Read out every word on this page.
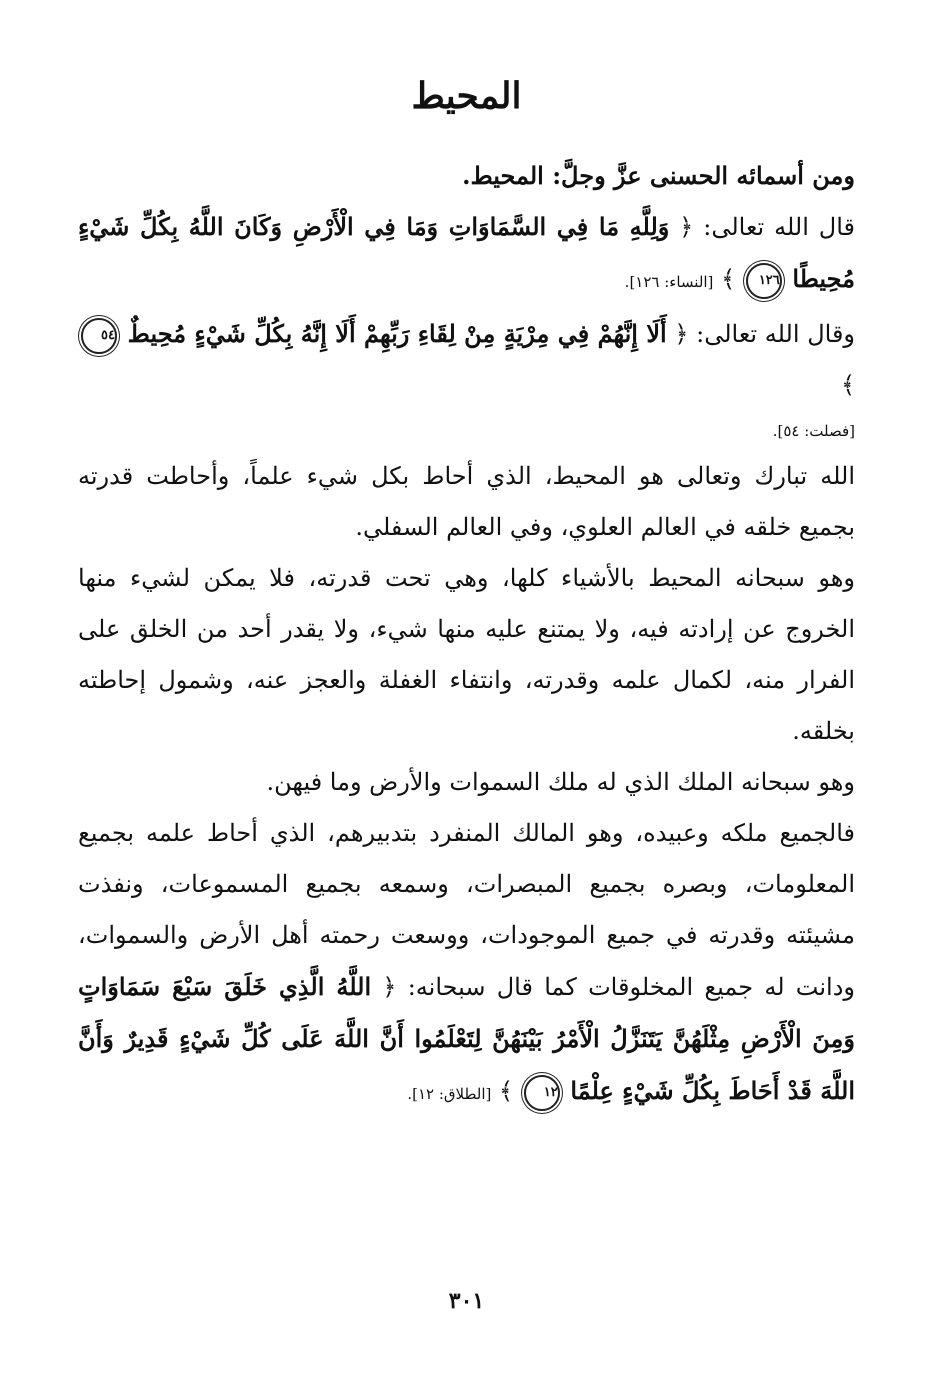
المحيط

ومن أسمائه الحسنى عزَّ وجلَّ: المحيط.

قال الله تعالى: ﴿ وَلِلَّهِ مَا فِي السَّمَاوَاتِ وَمَا فِي الْأَرْضِ وَكَانَ اللَّهُ بِكُلِّ شَيْءٍ مُحِيطًا ١٢٦ ﴾ [النساء: ١٢٦].

وقال الله تعالى: ﴿ أَلَا إِنَّهُمْ فِي مِرْيَةٍ مِنْ لِقَاءِ رَبِّهِمْ أَلَا إِنَّهُ بِكُلِّ شَيْءٍ مُحِيطٌ ٥٤ ﴾

[فصلت: ٥٤].

الله تبارك وتعالى هو المحيط، الذي أحاط بكل شيء علماً، وأحاطت قدرته بجميع خلقه في العالم العلوي، وفي العالم السفلي.

وهو سبحانه المحيط بالأشياء كلها، وهي تحت قدرته، فلا يمكن لشيء منها الخروج عن إرادته فيه، ولا يمتنع عليه منها شيء، ولا يقدر أحد من الخلق على الفرار منه، لكمال علمه وقدرته، وانتفاء الغفلة والعجز عنه، وشمول إحاطته بخلقه.

وهو سبحانه الملك الذي له ملك السموات والأرض وما فيهن.

فالجميع ملكه وعبيده، وهو المالك المنفرد بتدبيرهم، الذي أحاط علمه بجميع المعلومات، وبصره بجميع المبصرات، وسمعه بجميع المسموعات، ونفذت مشيئته وقدرته في جميع الموجودات، ووسعت رحمته أهل الأرض والسموات، ودانت له جميع المخلوقات كما قال سبحانه: ﴿ اللَّهُ الَّذِي خَلَقَ سَبْعَ سَمَاوَاتٍ وَمِنَ الْأَرْضِ مِثْلَهُنَّ يَتَنَزَّلُ الْأَمْرُ بَيْنَهُنَّ لِتَعْلَمُوا أَنَّ اللَّهَ عَلَى كُلِّ شَيْءٍ قَدِيرٌ وَأَنَّ اللَّهَ قَدْ أَحَاطَ بِكُلِّ شَيْءٍ عِلْمًا ١٢ ﴾ [الطلاق: ١٢].

٣٠١
